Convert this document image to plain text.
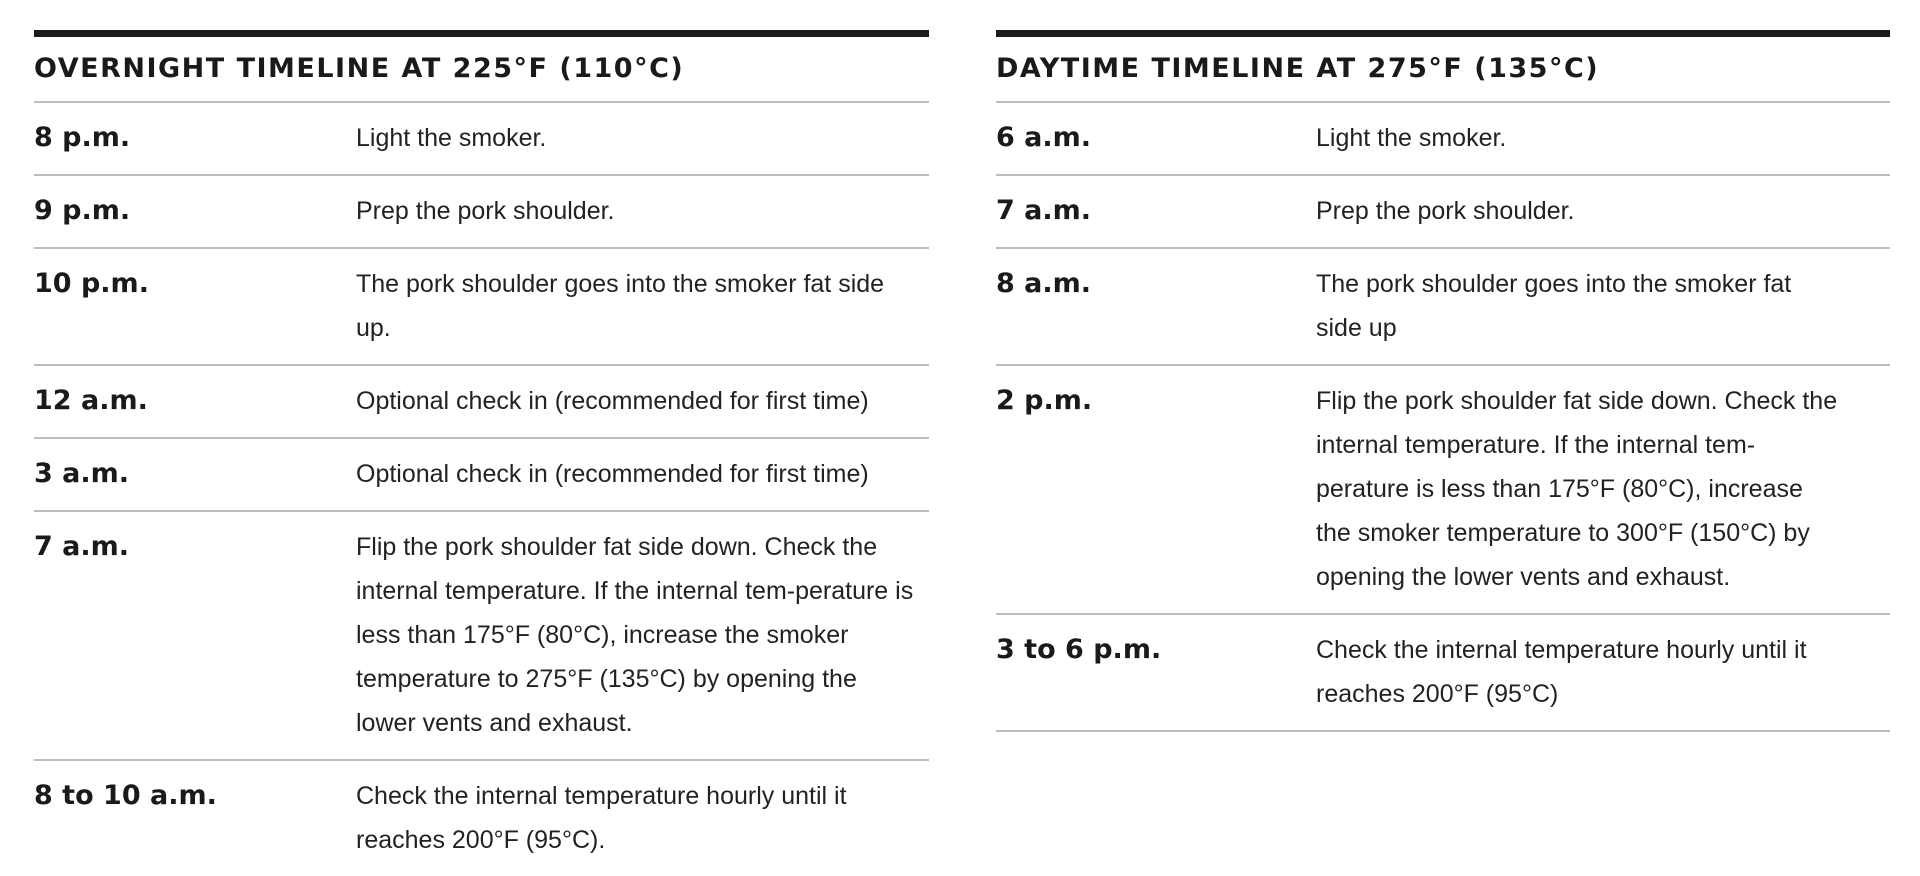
OVERNIGHT TIMELINE AT 225°F (110°C)
8 p.m.	Light the smoker.
9 p.m.	Prep the pork shoulder.
10 p.m.	The pork shoulder goes into the smoker fat side up.
12 a.m.	Optional check in (recommended for first time)
3 a.m.	Optional check in (recommended for first time)
7 a.m.	Flip the pork shoulder fat side down. Check the internal temperature. If the internal tem-perature is less than 175°F (80°C), increase the smoker temperature to 275°F (135°C) by opening the lower vents and exhaust.
8 to 10 a.m.	Check the internal temperature hourly until it reaches 200°F (95°C).
DAYTIME TIMELINE AT 275°F (135°C)
6 a.m.	Light the smoker.
7 a.m.	Prep the pork shoulder.
8 a.m.	The pork shoulder goes into the smoker fat side up
2 p.m.	Flip the pork shoulder fat side down. Check the internal temperature. If the internal tem-perature is less than 175°F (80°C), increase the smoker temperature to 300°F (150°C) by opening the lower vents and exhaust.
3 to 6 p.m.	Check the internal temperature hourly until it reaches 200°F (95°C)
